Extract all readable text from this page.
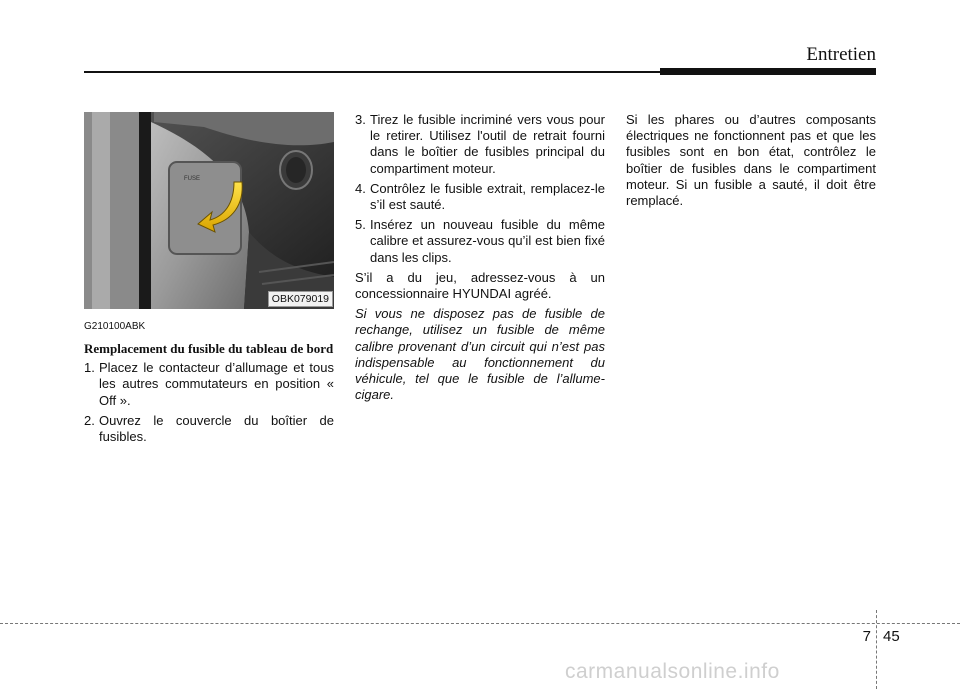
Entretien
FUSE
OBK079019
G210100ABK
Remplacement du fusible du tableau de bord
1. Placez le contacteur d’allumage et tous les autres commutateurs en position « Off ».
2. Ouvrez le couvercle du boîtier de fusibles.
3. Tirez le fusible incriminé vers vous pour le retirer. Utilisez l'outil de retrait fourni dans le boîtier de fusibles principal du compartiment moteur.
4. Contrôlez le fusible extrait, remplacez-le s’il est sauté.
5. Insérez un nouveau fusible du même calibre et assurez-vous qu’il est bien fixé dans les clips.

S’il a du jeu, adressez-vous à un concessionnaire HYUNDAI agréé.

Si vous ne disposez pas de fusible de rechange, utilisez un fusible de même calibre provenant d’un circuit qui n’est pas indispensable au fonctionnement du véhicule, tel que le fusible de l’allume-cigare.

Si les phares ou d’autres composants électriques ne fonctionnent pas et que les fusibles sont en bon état, contrôlez le boîtier de fusibles dans le compartiment moteur. Si un fusible a sauté, il doit être remplacé.

7 45
carmanualsonline.info
